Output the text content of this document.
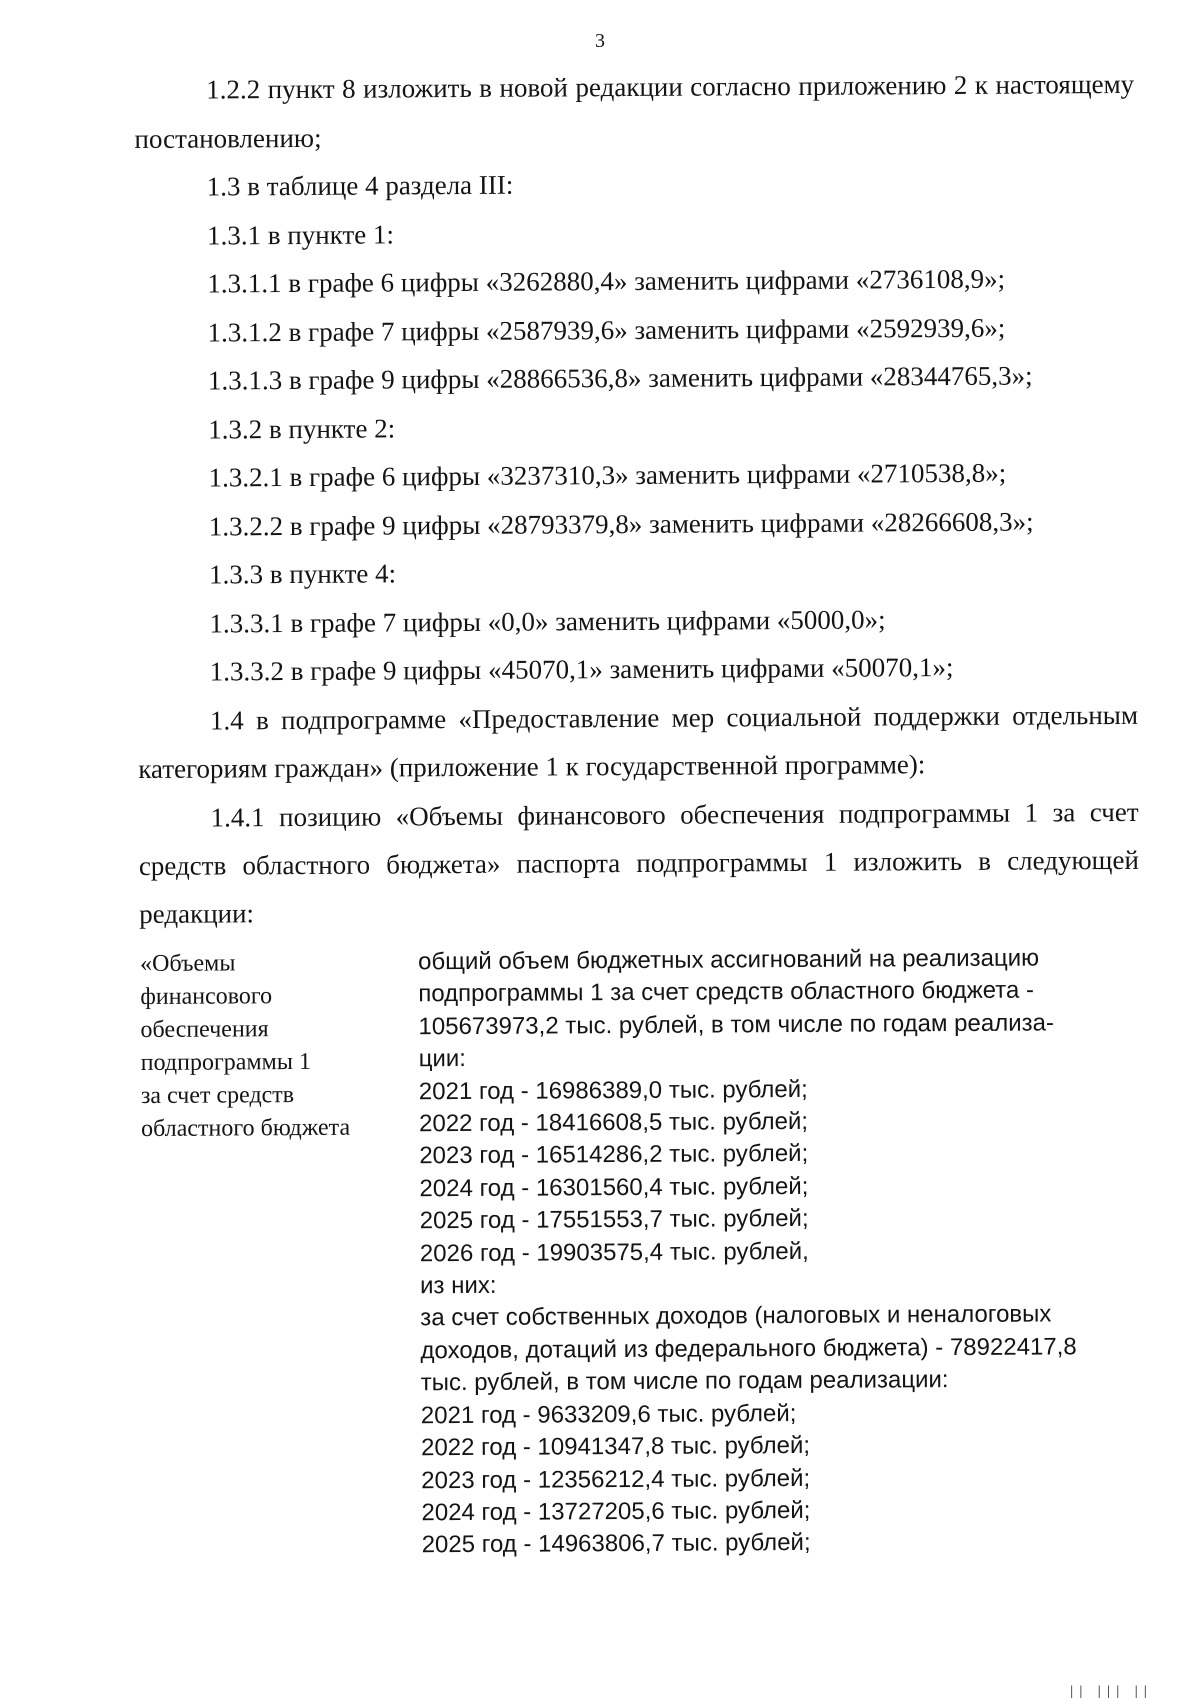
3
1.2.2 пункт 8 изложить в новой редакции согласно приложению 2 к настоящему постановлению;
1.3 в таблице 4 раздела III:
1.3.1 в пункте 1:
1.3.1.1 в графе 6 цифры «3262880,4» заменить цифрами «2736108,9»;
1.3.1.2 в графе 7 цифры «2587939,6» заменить цифрами «2592939,6»;
1.3.1.3 в графе 9 цифры «28866536,8» заменить цифрами «28344765,3»;
1.3.2 в пункте 2:
1.3.2.1 в графе 6 цифры «3237310,3» заменить цифрами «2710538,8»;
1.3.2.2 в графе 9 цифры «28793379,8» заменить цифрами «28266608,3»;
1.3.3 в пункте 4:
1.3.3.1 в графе 7 цифры «0,0» заменить цифрами «5000,0»;
1.3.3.2 в графе 9 цифры «45070,1» заменить цифрами «50070,1»;
1.4 в подпрограмме «Предоставление мер социальной поддержки отдельным категориям граждан» (приложение 1 к государственной программе):
1.4.1 позицию «Объемы финансового обеспечения подпрограммы 1 за счет средств областного бюджета» паспорта подпрограммы 1 изложить в следующей редакции:
«Объемы
финансового
обеспечения
подпрограммы 1
за счет средств
областного бюджета
общий объем бюджетных ассигнований на реализацию
подпрограммы 1 за счет средств областного бюджета -
105673973,2 тыс. рублей, в том числе по годам реализа-
ции:
2021 год - 16986389,0 тыс. рублей;
2022 год - 18416608,5 тыс. рублей;
2023 год - 16514286,2 тыс. рублей;
2024 год - 16301560,4 тыс. рублей;
2025 год - 17551553,7 тыс. рублей;
2026 год - 19903575,4 тыс. рублей,
из них:
за счет собственных доходов (налоговых и неналоговых
доходов, дотаций из федерального бюджета) - 78922417,8
тыс. рублей, в том числе по годам реализации:
2021 год - 9633209,6 тыс. рублей;
2022 год - 10941347,8 тыс. рублей;
2023 год - 12356212,4 тыс. рублей;
2024 год - 13727205,6 тыс. рублей;
2025 год - 14963806,7 тыс. рублей;
|| ||| ||
